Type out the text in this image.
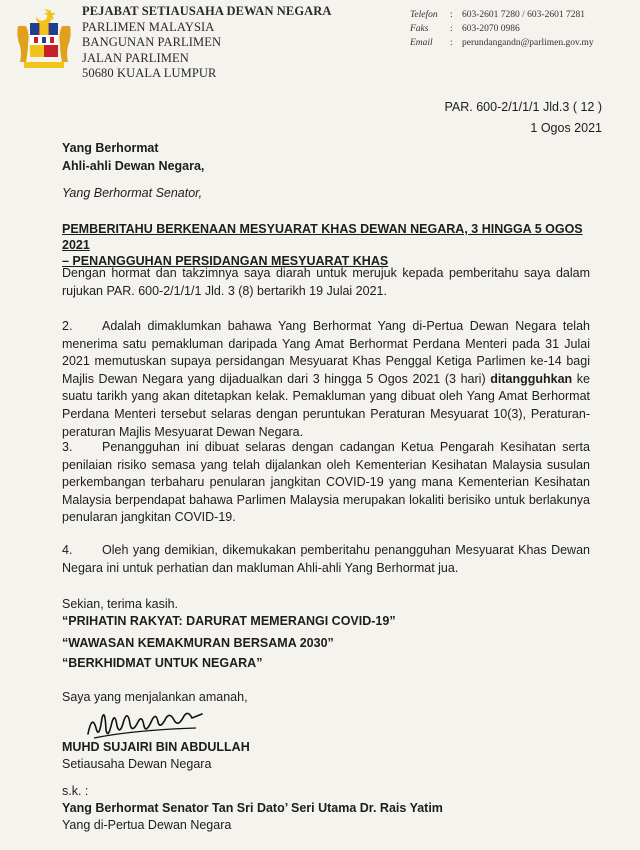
PEJABAT SETIAUSAHA DEWAN NEGARA
PARLIMEN MALAYSIA
BANGUNAN PARLIMEN
JALAN PARLIMEN
50680 KUALA LUMPUR
Telefon : 603-2601 7280 / 603-2601 7281
Faks : 603-2070 0986
Email : perundangandn@parlimen.gov.my
PAR. 600-2/1/1/1 Jld.3 ( 12 )
1 Ogos 2021
Yang Berhormat
Ahli-ahli Dewan Negara,
Yang Berhormat Senator,
PEMBERITAHU BERKENAAN MESYUARAT KHAS DEWAN NEGARA, 3 HINGGA 5 OGOS 2021
– PENANGGUHAN PERSIDANGAN MESYUARAT KHAS
Dengan hormat dan takzimnya saya diarah untuk merujuk kepada pemberitahu saya dalam rujukan PAR. 600-2/1/1/1 Jld. 3 (8) bertarikh 19 Julai 2021.
2. Adalah dimaklumkan bahawa Yang Berhormat Yang di-Pertua Dewan Negara telah menerima satu pemakluman daripada Yang Amat Berhormat Perdana Menteri pada 31 Julai 2021 memutuskan supaya persidangan Mesyuarat Khas Penggal Ketiga Parlimen ke-14 bagi Majlis Dewan Negara yang dijadualkan dari 3 hingga 5 Ogos 2021 (3 hari) ditangguhkan ke suatu tarikh yang akan ditetapkan kelak. Pemakluman yang dibuat oleh Yang Amat Berhormat Perdana Menteri tersebut selaras dengan peruntukan Peraturan Mesyuarat 10(3), Peraturan-peraturan Majlis Mesyuarat Dewan Negara.
3. Penangguhan ini dibuat selaras dengan cadangan Ketua Pengarah Kesihatan serta penilaian risiko semasa yang telah dijalankan oleh Kementerian Kesihatan Malaysia susulan perkembangan terbaharu penularan jangkitan COVID-19 yang mana Kementerian Kesihatan Malaysia berpendapat bahawa Parlimen Malaysia merupakan lokaliti berisiko untuk berlakunya penularan jangkitan COVID-19.
4. Oleh yang demikian, dikemukakan pemberitahu penangguhan Mesyuarat Khas Dewan Negara ini untuk perhatian dan makluman Ahli-ahli Yang Berhormat jua.
Sekian, terima kasih.
“PRIHATIN RAKYAT: DARURAT MEMERANGI COVID-19”
“WAWASAN KEMAKMURAN BERSAMA 2030”
“BERKHIDMAT UNTUK NEGARA”
Saya yang menjalankan amanah,
MUHD SUJAIRI BIN ABDULLAH
Setiausaha Dewan Negara
s.k. :
Yang Berhormat Senator Tan Sri Dato’ Seri Utama Dr. Rais Yatim
Yang di-Pertua Dewan Negara
